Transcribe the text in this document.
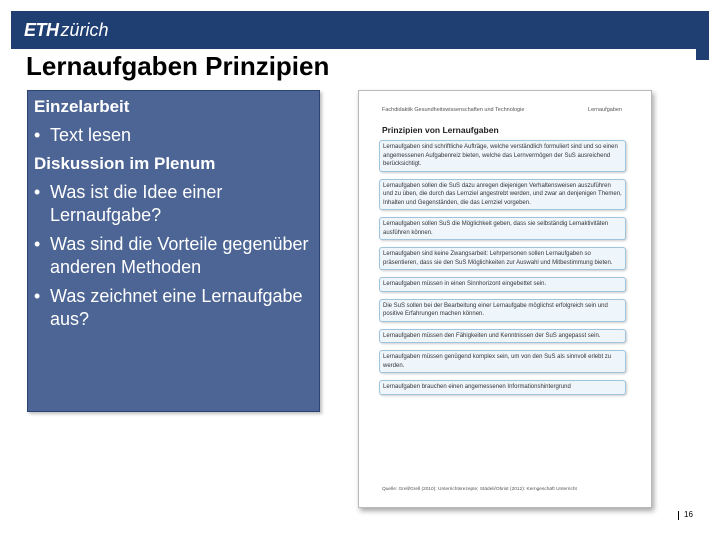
ETH zürich
Lernaufgaben Prinzipien
Einzelarbeit
• Text lesen
Diskussion im Plenum
• Was ist die Idee einer Lernaufgabe?
• Was sind die Vorteile gegenüber anderen Methoden
• Was zeichnet eine Lernaufgabe aus?
Fachdidaktik Gesundheitswissenschaften und Technologie	Lernaufgaben
Prinzipien von Lernaufgaben
Lernaufgaben sind schriftliche Aufträge, welche verständlich formuliert sind und so einen angemessenen Aufgabenreiz bieten, welche das Lernvermögen der SuS ausreichend berücksichtigt.
Lernaufgaben sollen die SuS dazu anregen diejenigen Verhaltensweisen auszuführen und zu üben, die durch das Lernziel angestrebt werden, und zwar an denjenigen Themen, Inhalten und Gegenständen, die das Lernziel vorgeben.
Lernaufgaben sollen SuS die Möglichkeit geben, dass sie selbständig Lernaktivitäten ausführen können.
Lernaufgaben sind keine Zwangsarbeit: Lehrpersonen sollen Lernaufgaben so präsentieren, dass sie den SuS Möglichkeiten zur Auswahl und Mitbestimmung bieten.
Lernaufgaben müssen in einen Sinnhorizont eingebettet sein.
Die SuS sollen bei der Bearbeitung einer Lernaufgabe möglichst erfolgreich sein und positive Erfahrungen machen können.
Lernaufgaben müssen den Fähigkeiten und Kenntnissen der SuS angepasst sein.
Lernaufgaben müssen genügend komplex sein, um von den SuS als sinnvoll erlebt zu werden.
Lernaufgaben brauchen einen angemessenen Informationshintergrund
Quelle: Grell/Grell (2010): Unterrichtsrezepte; Städeli/Obrist (2012): Kerngeschäft Unterricht
16
